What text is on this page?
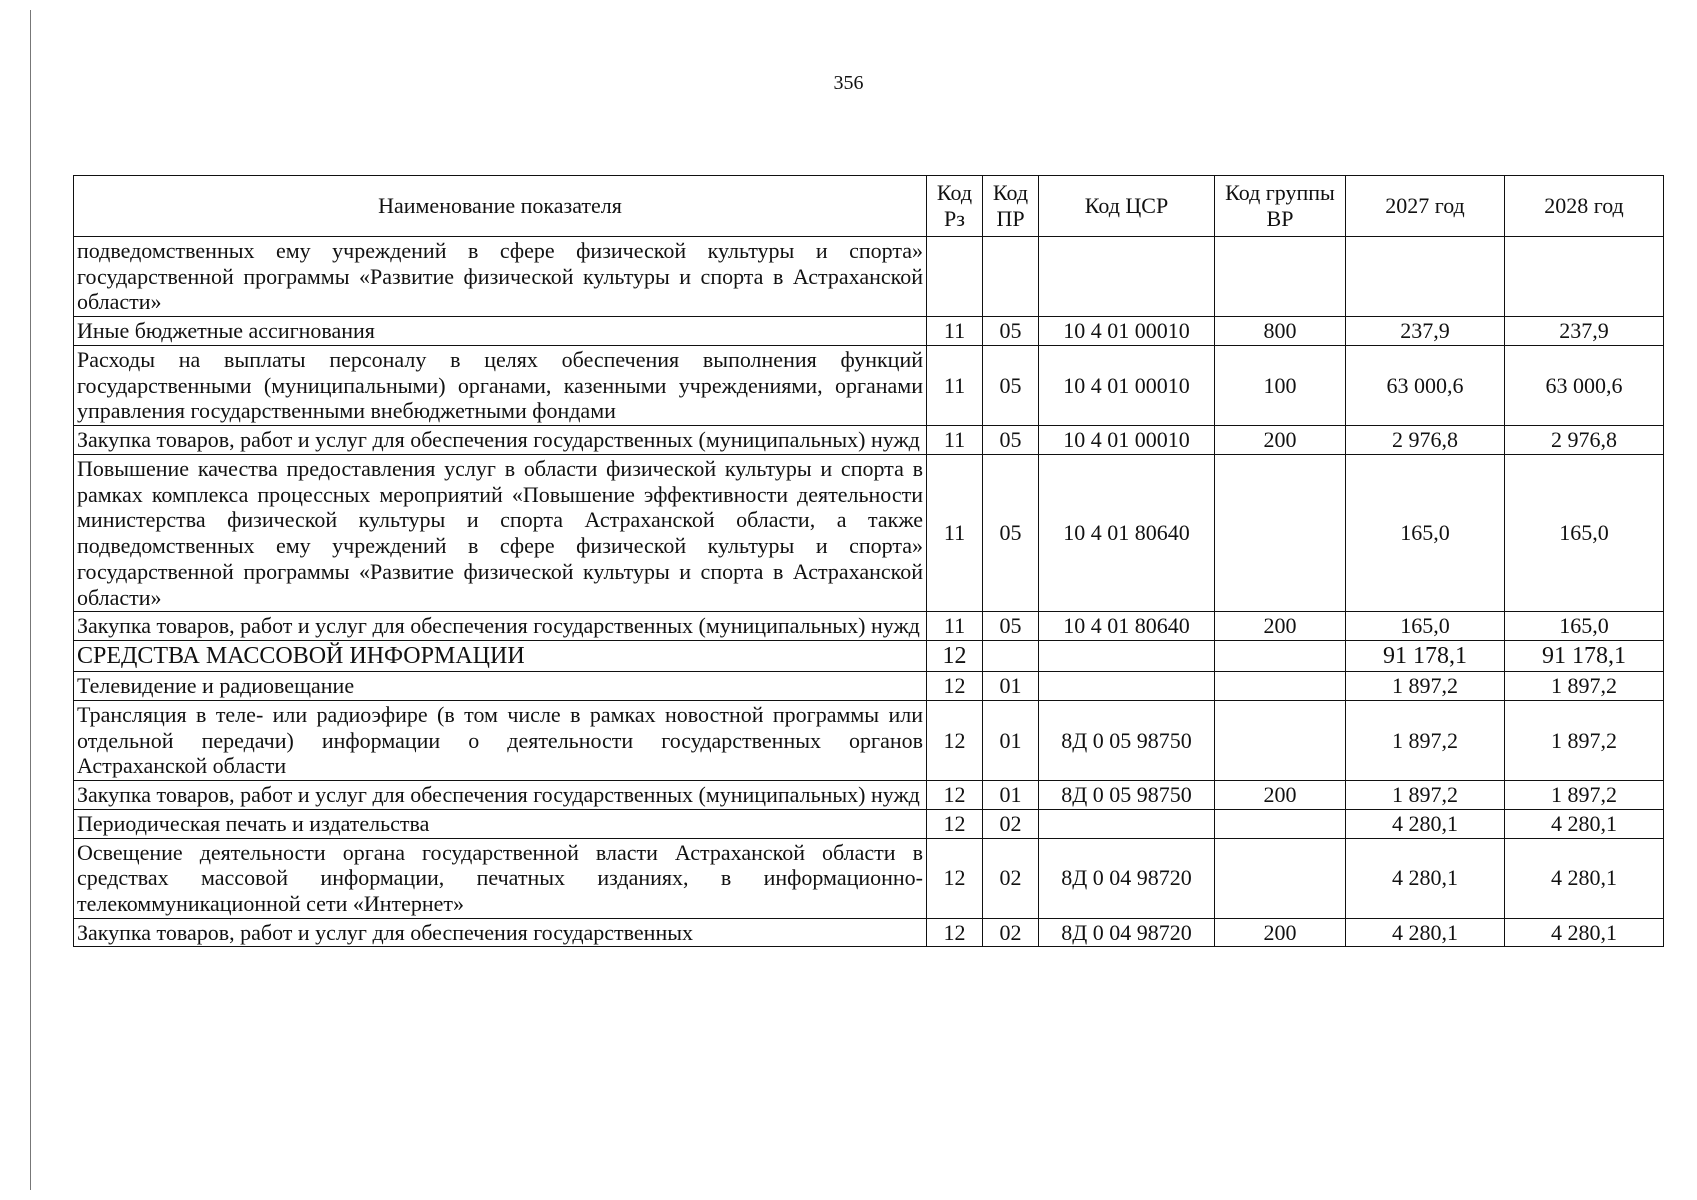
356
Наименование показателя	Код Рз	Код ПР	Код ЦСР	Код группы ВР	2027 год	2028 год
подведомственных ему учреждений в сфере физической культуры и спорта» государственной программы «Развитие физической культуры и спорта в Астраханской области»						
Иные бюджетные ассигнования	11	05	10 4 01 00010	800	237,9	237,9
Расходы на выплаты персоналу в целях обеспечения выполнения функций государственными (муниципальными) органами, казенными учреждениями, органами управления государственными внебюджетными фондами	11	05	10 4 01 00010	100	63 000,6	63 000,6
Закупка товаров, работ и услуг для обеспечения государственных (муниципальных) нужд	11	05	10 4 01 00010	200	2 976,8	2 976,8
Повышение качества предоставления услуг в области физической культуры и спорта в рамках комплекса процессных мероприятий «Повышение эффективности деятельности министерства физической культуры и спорта Астраханской области, а также подведомственных ему учреждений в сфере физической культуры и спорта» государственной программы «Развитие физической культуры и спорта в Астраханской области»	11	05	10 4 01 80640		165,0	165,0
Закупка товаров, работ и услуг для обеспечения государственных (муниципальных) нужд	11	05	10 4 01 80640	200	165,0	165,0
СРЕДСТВА МАССОВОЙ ИНФОРМАЦИИ	12				91 178,1	91 178,1
Телевидение и радиовещание	12	01			1 897,2	1 897,2
Трансляция в теле- или радиоэфире (в том числе в рамках новостной программы или отдельной передачи) информации о деятельности государственных органов Астраханской области	12	01	8Д 0 05 98750		1 897,2	1 897,2
Закупка товаров, работ и услуг для обеспечения государственных (муниципальных) нужд	12	01	8Д 0 05 98750	200	1 897,2	1 897,2
Периодическая печать и издательства	12	02			4 280,1	4 280,1
Освещение деятельности органа государственной власти Астраханской области в средствах массовой информации, печатных изданиях, в информационно-телекоммуникационной сети «Интернет»	12	02	8Д 0 04 98720		4 280,1	4 280,1
Закупка товаров, работ и услуг для обеспечения государственных	12	02	8Д 0 04 98720	200	4 280,1	4 280,1
